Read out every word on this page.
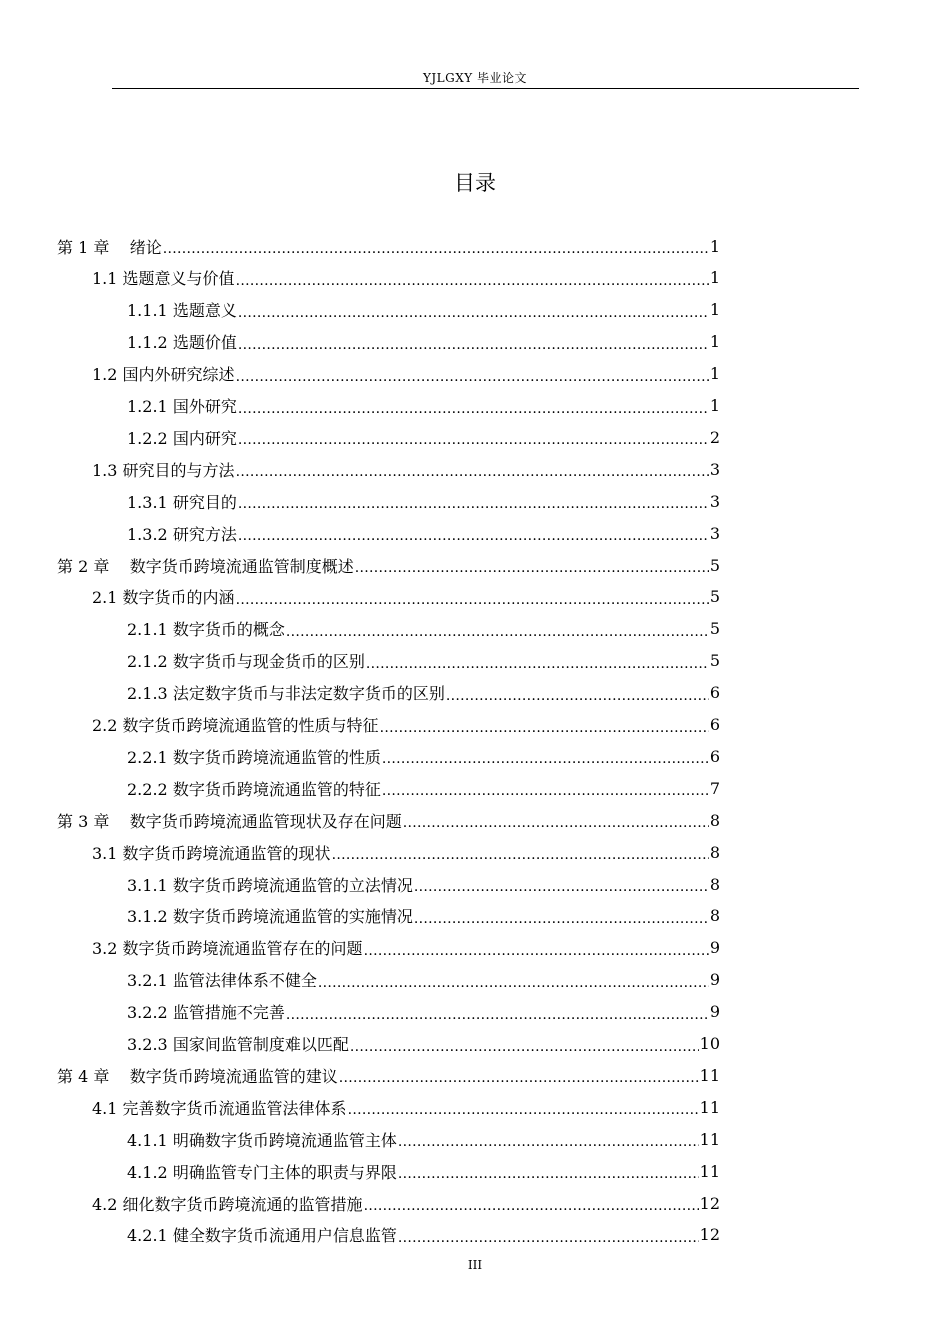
YJLGXY 毕业论文
目录
第 1 章 绪论 .....	1
1.1 选题意义与价值 .....	1
1.1.1 选题意义 .....	1
1.1.2 选题价值 .....	1
1.2 国内外研究综述 .....	1
1.2.1 国外研究 .....	1
1.2.2 国内研究 .....	2
1.3 研究目的与方法 .....	3
1.3.1 研究目的 .....	3
1.3.2 研究方法 .....	3
第 2 章 数字货币跨境流通监管制度概述 .....	5
2.1 数字货币的内涵 .....	5
2.1.1 数字货币的概念 .....	5
2.1.2 数字货币与现金货币的区别 .....	5
2.1.3 法定数字货币与非法定数字货币的区别 .....	6
2.2 数字货币跨境流通监管的性质与特征 .....	6
2.2.1 数字货币跨境流通监管的性质 .....	6
2.2.2 数字货币跨境流通监管的特征 .....	7
第 3 章 数字货币跨境流通监管现状及存在问题 .....	8
3.1 数字货币跨境流通监管的现状 .....	8
3.1.1 数字货币跨境流通监管的立法情况 .....	8
3.1.2 数字货币跨境流通监管的实施情况 .....	8
3.2 数字货币跨境流通监管存在的问题 .....	9
3.2.1 监管法律体系不健全 .....	9
3.2.2 监管措施不完善 .....	9
3.2.3 国家间监管制度难以匹配 .....	10
第 4 章 数字货币跨境流通监管的建议 .....	11
4.1 完善数字货币流通监管法律体系 .....	11
4.1.1 明确数字货币跨境流通监管主体 .....	11
4.1.2 明确监管专门主体的职责与界限 .....	11
4.2 细化数字货币跨境流通的监管措施 .....	12
4.2.1 健全数字货币流通用户信息监管 .....	12
III
